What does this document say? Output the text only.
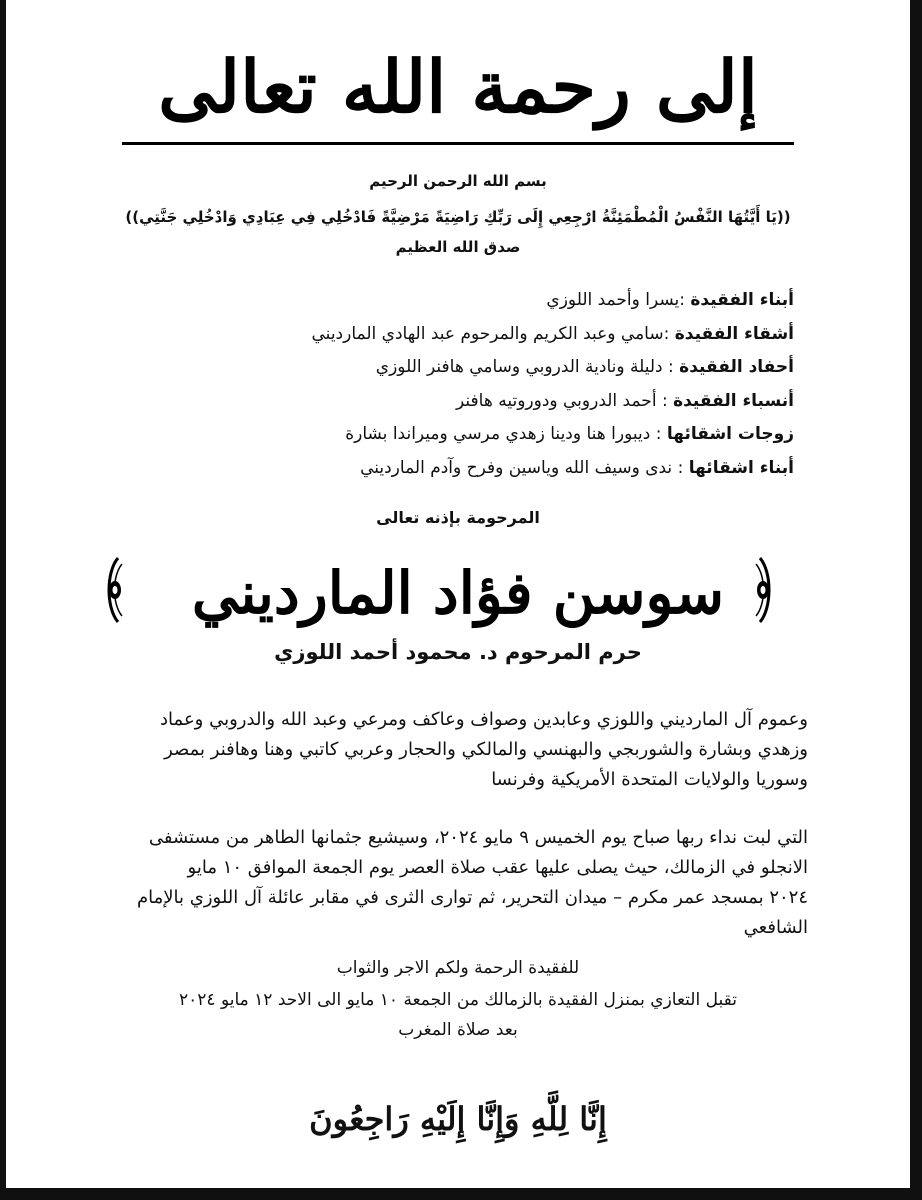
إلى رحمة الله تعالى
بسم الله الرحمن الرحيم
((يَا أَيَّتُهَا النَّفْسُ الْمُطْمَئِنَّةُ ارْجِعِي إِلَى رَبِّكِ رَاضِيَةً مَرْضِيَّةً فَادْخُلِي فِي عِبَادِي وَادْخُلِي جَنَّتِي))
صدق الله العظيم
أبناء الفقيدة :يسرا وأحمد اللوزي
أشقاء الفقيدة :سامي وعبد الكريم والمرحوم عبد الهادي المارديني
أحفاد الفقيدة : دليلة ونادية الدروبي وسامي هافنر اللوزي
أنسباء الفقيدة : أحمد الدروبي ودوروتيه هافنر
زوجات اشقائها : ديبورا هنا ودينا زهدي مرسي وميراندا بشارة
أبناء اشقائها : ندى وسيف الله وياسين وفرح وآدم المارديني
المرحومة بإذنه تعالى
سوسن فؤاد المارديني
حرم المرحوم د. محمود أحمد اللوزي
وعموم آل المارديني واللوزي وعابدين وصواف وعاكف ومرعي وعبد الله والدروبي وعماد
وزهدي وبشارة والشوربجي والبهنسي والمالكي والحجار وعربي كاتبي وهنا وهافنر بمصر
وسوريا والولايات المتحدة الأمريكية وفرنسا
التي لبت نداء ربها صباح يوم الخميس ٩ مايو ٢٠٢٤، وسيشيع جثمانها الطاهر من مستشفى
الانجلو في الزمالك، حيث يصلى عليها عقب صلاة العصر يوم الجمعة الموافق ١٠ مايو
٢٠٢٤ بمسجد عمر مكرم – ميدان التحرير، ثم توارى الثرى في مقابر عائلة آل اللوزي بالإمام
الشافعي
للفقيدة الرحمة ولكم الاجر والثواب
تقبل التعازي بمنزل الفقيدة بالزمالك من الجمعة ١٠ مايو الى الاحد ١٢ مايو ٢٠٢٤
بعد صلاة المغرب
إِنَّا لِلَّهِ وَإِنَّا إِلَيْهِ رَاجِعُونَ
